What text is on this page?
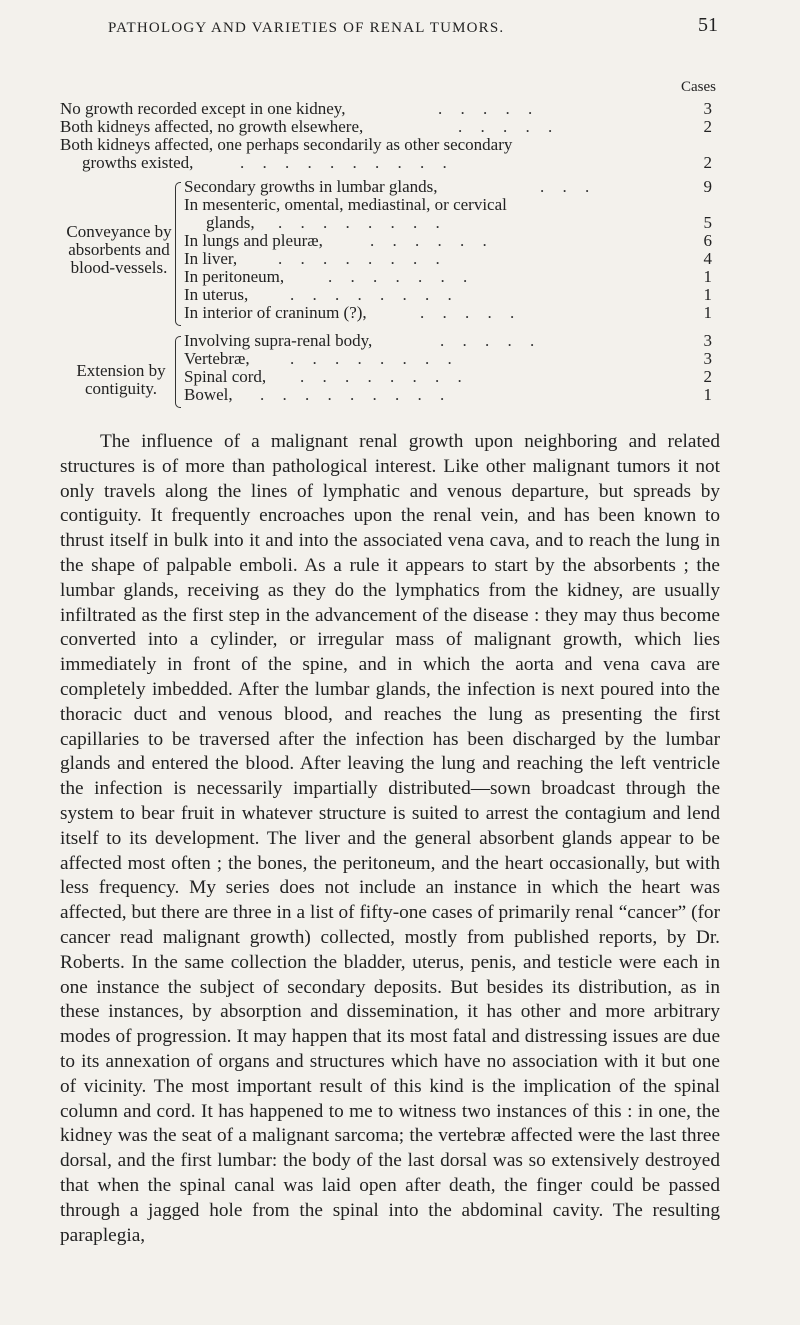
PATHOLOGY AND VARIETIES OF RENAL TUMORS.	51
Cases
No growth recorded except in one kidney,	. . . . .	3
Both kidneys affected, no growth elsewhere,	. . . . .	2
Both kidneys affected, one perhaps secondarily as other secondary
growths existed,	. . . . . . . . . .	2
Conveyance by absorbents and blood-vessels.
Secondary growths in lumbar glands,	. . .	9
In mesenteric, omental, mediastinal, or cervical
glands, . . . . . . . .	5
In lungs and pleuræ,	. . . . . .	6
In liver, . . . . . . . .	4
In peritoneum,	. . . . . . .	1
In uterus, . . . . . . . .	1
In interior of craninum (?),	. . . . .	1
Extension by contiguity.
Involving supra-renal body,	. . . . .	3
Vertebræ, . . . . . . . .	3
Spinal cord, . . . . . . . .	2
Bowel, . . . . . . . . .	1

The influence of a malignant renal growth upon neighboring and related structures is of more than pathological interest. Like other malignant tumors it not only travels along the lines of lymphatic and venous departure, but spreads by contiguity. It frequently encroaches upon the renal vein, and has been known to thrust itself in bulk into it and into the associated vena cava, and to reach the lung in the shape of palpable emboli. As a rule it appears to start by the absorbents ; the lumbar glands, receiving as they do the lymphatics from the kidney, are usually infiltrated as the first step in the advancement of the disease : they may thus become converted into a cylinder, or irregular mass of malignant growth, which lies immediately in front of the spine, and in which the aorta and vena cava are completely imbedded. After the lumbar glands, the infection is next poured into the thoracic duct and venous blood, and reaches the lung as presenting the first capillaries to be traversed after the infection has been discharged by the lumbar glands and entered the blood. After leaving the lung and reaching the left ventricle the infection is necessarily impartially distributed—sown broadcast through the system to bear fruit in whatever structure is suited to arrest the contagium and lend itself to its development. The liver and the general absorbent glands appear to be affected most often ; the bones, the peritoneum, and the heart occasionally, but with less frequency. My series does not include an instance in which the heart was affected, but there are three in a list of fifty-one cases of primarily renal “cancer” (for cancer read malignant growth) collected, mostly from published reports, by Dr. Roberts. In the same collection the bladder, uterus, penis, and testicle were each in one instance the subject of secondary deposits. But besides its distribution, as in these instances, by absorption and dissemination, it has other and more arbitrary modes of progression. It may happen that its most fatal and distressing issues are due to its annexation of organs and structures which have no association with it but one of vicinity. The most important result of this kind is the implication of the spinal column and cord. It has happened to me to witness two instances of this : in one, the kidney was the seat of a malignant sarcoma; the vertebræ affected were the last three dorsal, and the first lumbar: the body of the last dorsal was so extensively destroyed that when the spinal canal was laid open after death, the finger could be passed through a jagged hole from the spinal into the abdominal cavity. The resulting paraplegia,
